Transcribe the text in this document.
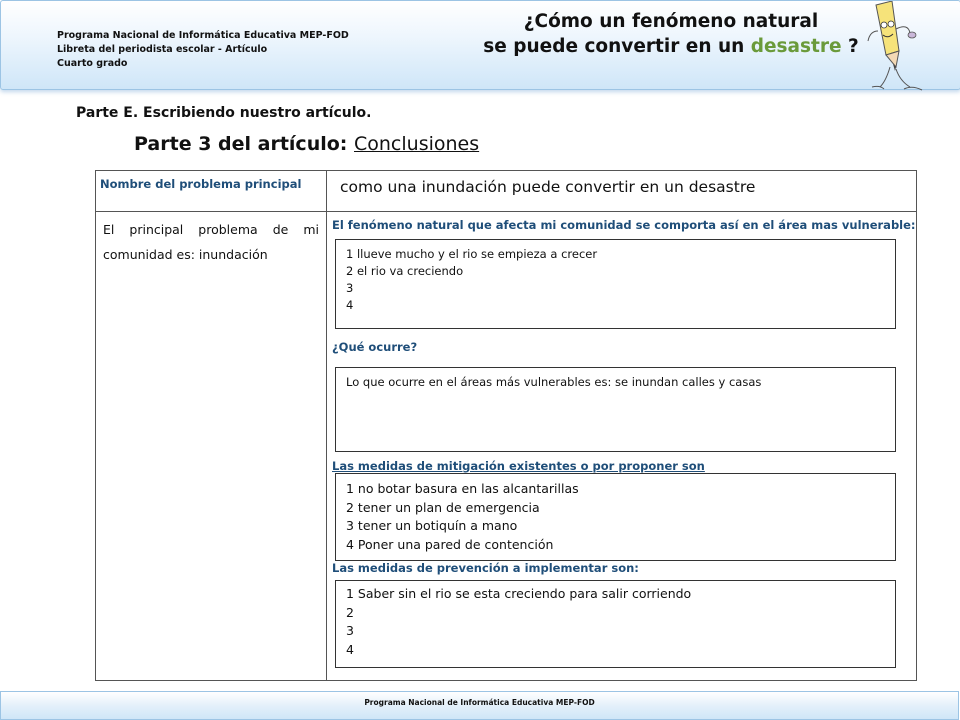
Programa Nacional de Informática Educativa MEP-FOD
Libreta del periodista escolar - Artículo
Cuarto grado
¿Cómo un fenómeno natural
se puede convertir en un desastre ?
Parte E. Escribiendo nuestro artículo.
Parte 3 del artículo: Conclusiones
Nombre del problema principal como una inundación puede convertir en un desastre
El principal problema de mi comunidad es: inundación
El fenómeno natural que afecta mi comunidad se comporta así en el área mas vulnerable:
1 llueve mucho y el rio se empieza a crecer
2 el rio va creciendo
3
4
¿Qué ocurre?
Lo que ocurre en el áreas más vulnerables es: se inundan calles y casas
Las medidas de mitigación existentes o por proponer son
1 no botar basura en las alcantarillas
2 tener un plan de emergencia
3 tener un botiquín a mano
4 Poner una pared de contención
Las medidas de prevención a implementar son:
1 Saber sin el rio se esta creciendo para salir corriendo
2
3
4
Programa Nacional de Informática Educativa MEP-FOD
